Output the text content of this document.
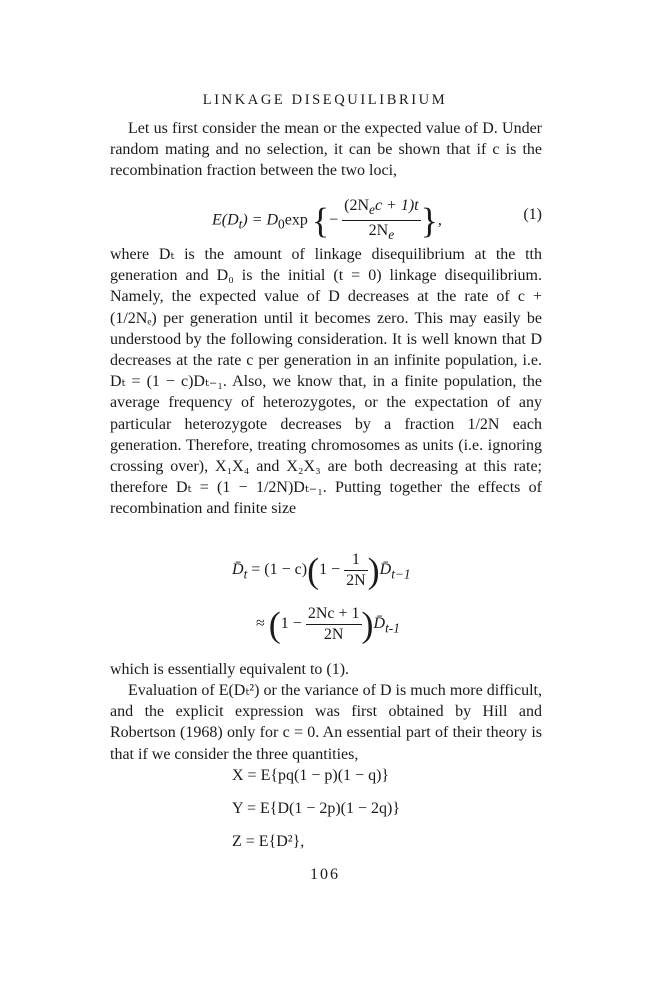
LINKAGE DISEQUILIBRIUM

Let us first consider the mean or the expected value of D. Under random mating and no selection, it can be shown that if c is the recombination fraction between the two loci,

$E(D_t) = D_0\exp$ {− $\frac{(2N_ec + 1)t}{2N_e}$ },	(1)

where Dₜ is the amount of linkage disequilibrium at the tth generation and D₀ is the initial (t = 0) linkage disequilibrium. Namely, the expected value of D decreases at the rate of c + (1/2Nₑ) per generation until it becomes zero. This may easily be understood by the following consideration. It is well known that D decreases at the rate c per generation in an infinite population, i.e. Dₜ = (1 − c)Dₜ₋₁. Also, we know that, in a finite population, the average frequency of heterozygotes, or the expectation of any particular heterozygote decreases by a fraction 1/2N each generation. Therefore, treating chromosomes as units (i.e. ignoring crossing over), X₁X₄ and X₂X₃ are both decreasing at this rate; therefore Dₜ = (1 − 1/2N)Dₜ₋₁. Putting together the effects of recombination and finite size

$D̄_t = (1 - c)(1 - \frac{1}{2N}$ )$D̄_{t-1}$
≈ ($1 - \frac{2Nc + 1}{2N}$ )$D̄_{t-1}$

which is essentially equivalent to (1).

Evaluation of E(Dₜ²) or the variance of D is much more difficult, and the explicit expression was first obtained by Hill and Robertson (1968) only for c = 0. An essential part of their theory is that if we consider the three quantities,

X = E{pq(1 − p)(1 − q)}
Y = E{D(1 − 2p)(1 − 2q)}
Z = E{D²},
106
